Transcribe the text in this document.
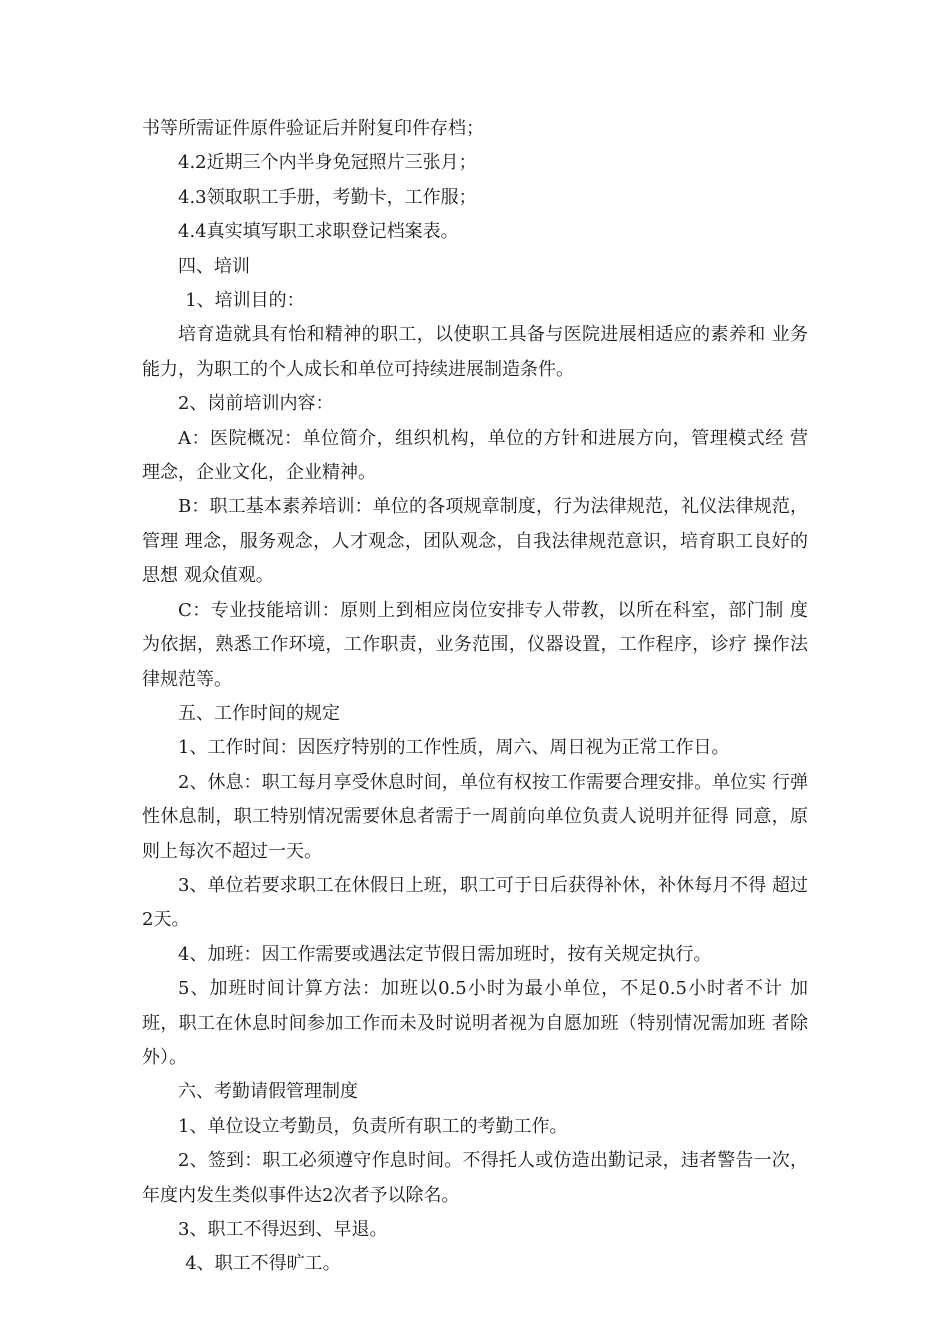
书等所需证件原件验证后并附复印件存档；

4.2近期三个内半身免冠照片三张月；

4.3领取职工手册，考勤卡，工作服；

4.4真实填写职工求职登记档案表。

四、培训

1、培训目的：

培育造就具有怡和精神的职工，以使职工具备与医院进展相适应的素养和 业务能力，为职工的个人成长和单位可持续进展制造条件。

2、岗前培训内容：

A：医院概况：单位简介，组织机构，单位的方针和进展方向，管理模式经 营理念，企业文化，企业精神。

B：职工基本素养培训：单位的各项规章制度，行为法律规范，礼仪法律规范，管理 理念，服务观念，人才观念，团队观念，自我法律规范意识，培育职工良好的思想 观众值观。

C：专业技能培训：原则上到相应岗位安排专人带教，以所在科室，部门制 度为依据，熟悉工作环境，工作职责，业务范围，仪器设置，工作程序，诊疗 操作法律规范等。

五、工作时间的规定

1、工作时间：因医疗特别的工作性质，周六、周日视为正常工作日。

2、休息：职工每月享受休息时间，单位有权按工作需要合理安排。单位实 行弹性休息制，职工特别情况需要休息者需于一周前向单位负责人说明并征得 同意，原则上每次不超过一天。

3、单位若要求职工在休假日上班，职工可于日后获得补休，补休每月不得 超过2天。

4、加班：因工作需要或遇法定节假日需加班时，按有关规定执行。

5、加班时间计算方法：加班以0.5小时为最小单位，不足0.5小时者不计 加班，职工在休息时间参加工作而未及时说明者视为自愿加班（特别情况需加班 者除外）。

六、考勤请假管理制度

1、单位设立考勤员，负责所有职工的考勤工作。

2、签到：职工必须遵守作息时间。不得托人或仿造出勤记录，违者警告一次，年度内发生类似事件达2次者予以除名。

3、职工不得迟到、早退。

4、职工不得旷工。
